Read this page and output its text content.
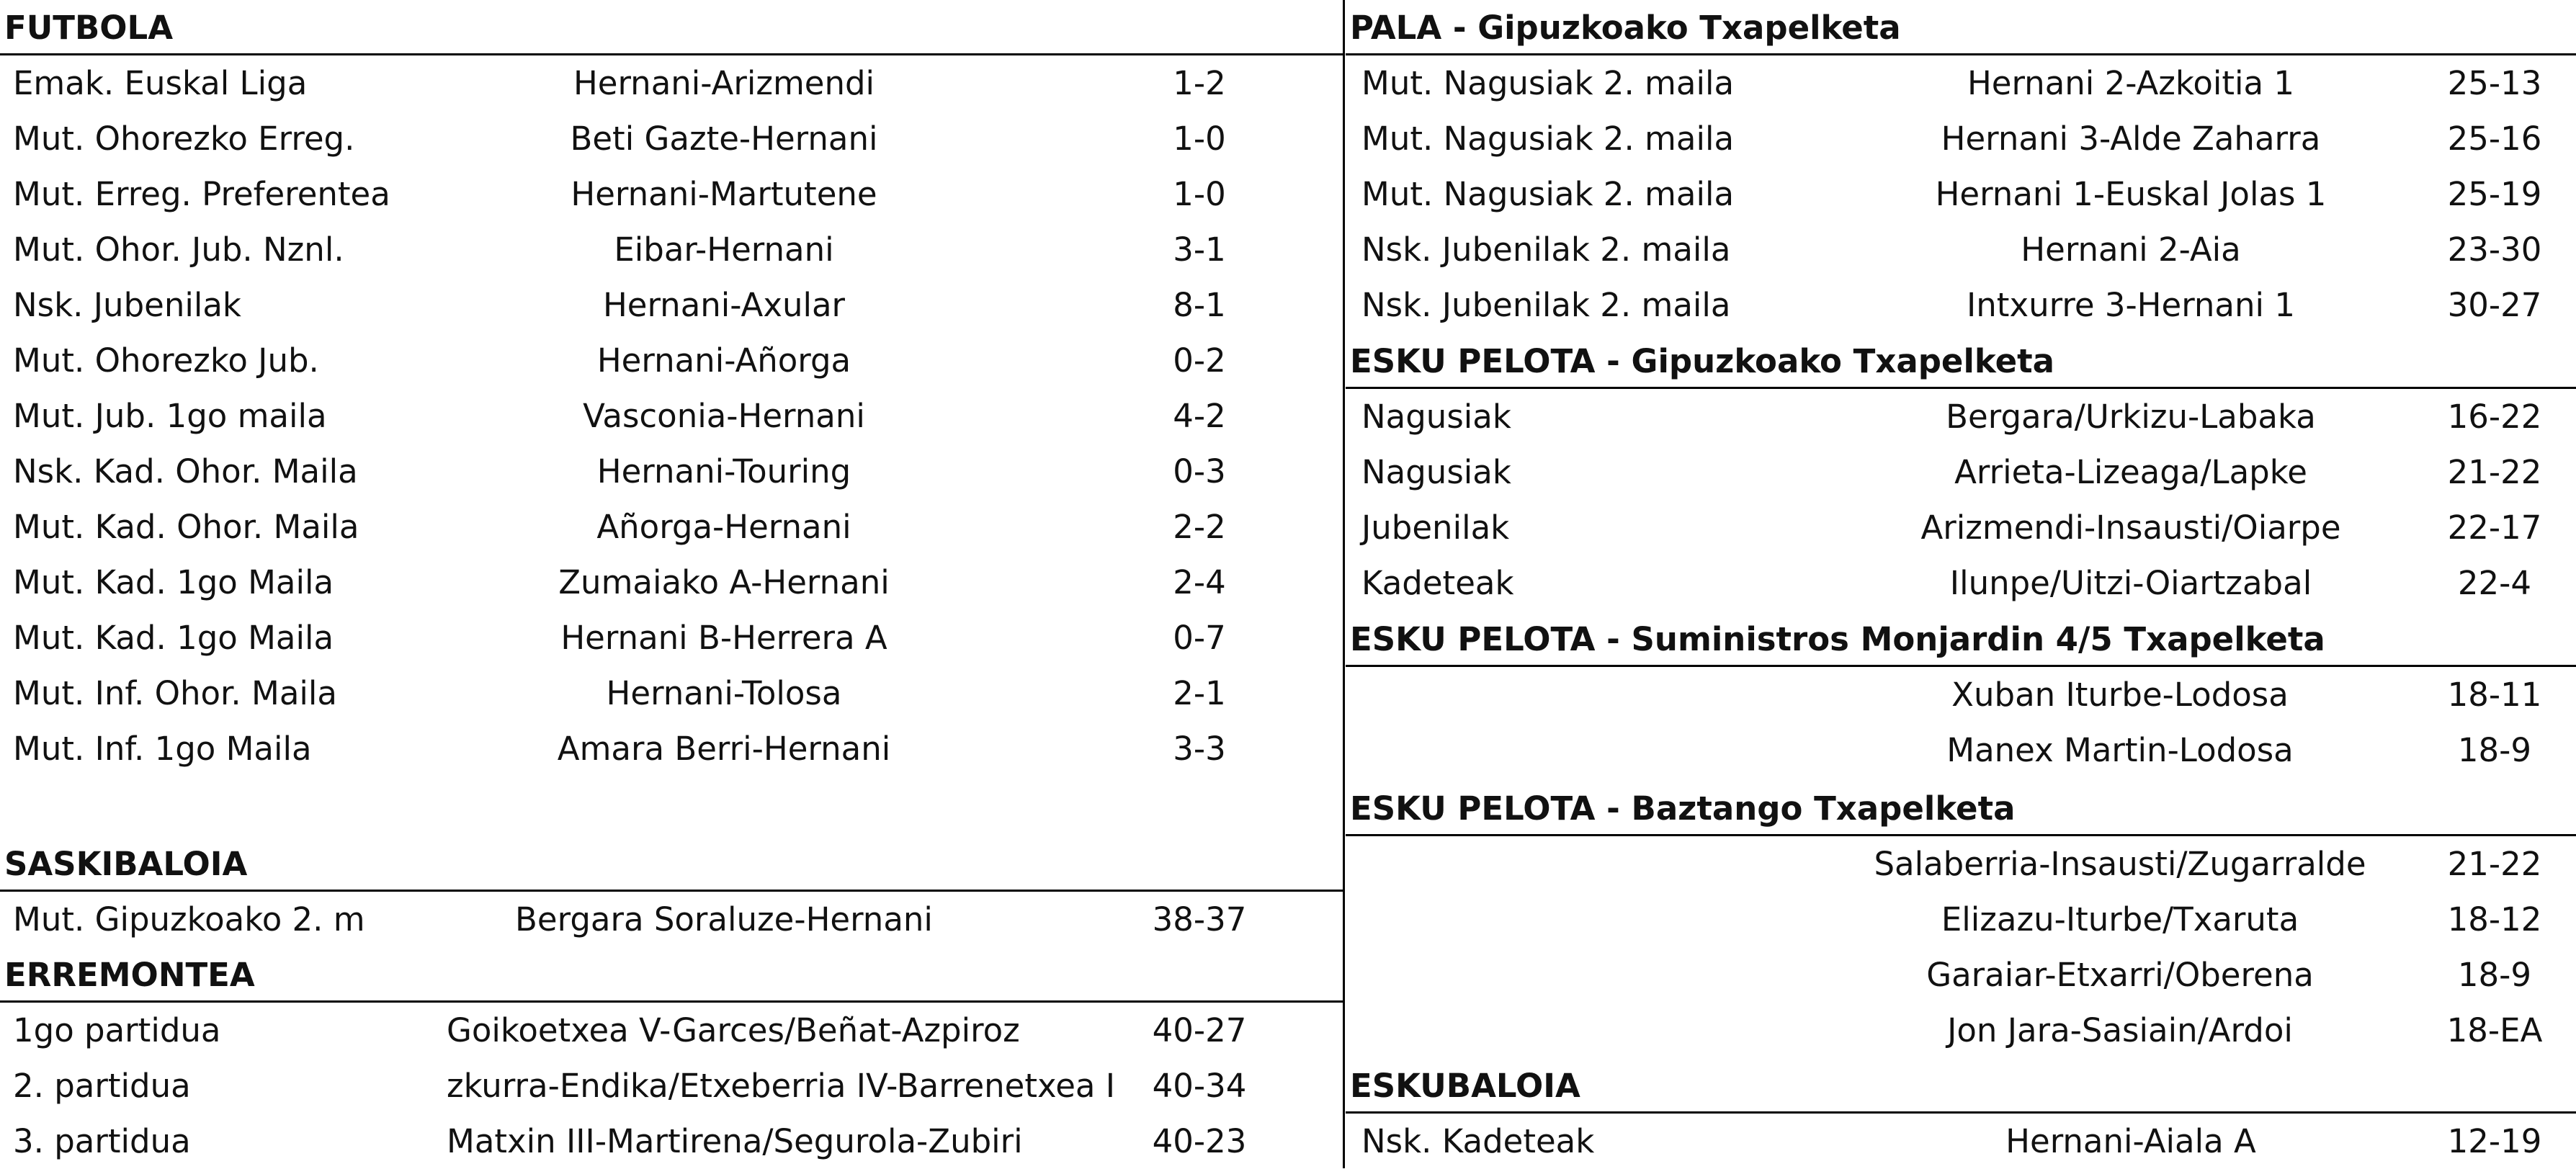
FUTBOLA
Emak. Euskal Liga	Hernani-Arizmendi	1-2
Mut. Ohorezko Erreg.	Beti Gazte-Hernani	1-0
Mut. Erreg. Preferentea	Hernani-Martutene	1-0
Mut. Ohor. Jub. Nznl.	Eibar-Hernani	3-1
Nsk. Jubenilak	Hernani-Axular	8-1
Mut. Ohorezko Jub.	Hernani-Añorga	0-2
Mut. Jub. 1go maila	Vasconia-Hernani	4-2
Nsk. Kad. Ohor. Maila	Hernani-Touring	0-3
Mut. Kad. Ohor. Maila	Añorga-Hernani	2-2
Mut. Kad. 1go Maila	Zumaiako A-Hernani	2-4
Mut. Kad. 1go Maila	Hernani B-Herrera A	0-7
Mut. Inf. Ohor. Maila	Hernani-Tolosa	2-1
Mut. Inf. 1go Maila	Amara Berri-Hernani	3-3
SASKIBALOIA
Mut. Gipuzkoako 2. m	Bergara Soraluze-Hernani	38-37
ERREMONTEA
1go partidua	Goikoetxea V-Garces/Beñat-Azpiroz	40-27
2. partidua	zkurra-Endika/Etxeberria IV-Barrenetxea I	40-34
3. partidua	Matxin III-Martirena/Segurola-Zubiri	40-23
PALA - Gipuzkoako Txapelketa
Mut. Nagusiak 2. maila	Hernani 2-Azkoitia 1	25-13
Mut. Nagusiak 2. maila	Hernani 3-Alde Zaharra	25-16
Mut. Nagusiak 2. maila	Hernani 1-Euskal Jolas 1	25-19
Nsk. Jubenilak 2. maila	Hernani 2-Aia	23-30
Nsk. Jubenilak 2. maila	Intxurre 3-Hernani 1	30-27
ESKU PELOTA - Gipuzkoako Txapelketa
Nagusiak	Bergara/Urkizu-Labaka	16-22
Nagusiak	Arrieta-Lizeaga/Lapke	21-22
Jubenilak	Arizmendi-Insausti/Oiarpe	22-17
Kadeteak	Ilunpe/Uitzi-Oiartzabal	22-4
ESKU PELOTA - Suministros Monjardin 4/5 Txapelketa
Xuban Iturbe-Lodosa	18-11
Manex Martin-Lodosa	18-9
ESKU PELOTA - Baztango Txapelketa
Salaberria-Insausti/Zugarralde	21-22
Elizazu-Iturbe/Txaruta	18-12
Garaiar-Etxarri/Oberena	18-9
Jon Jara-Sasiain/Ardoi	18-EA
ESKUBALOIA
Nsk. Kadeteak	Hernani-Aiala A	12-19
